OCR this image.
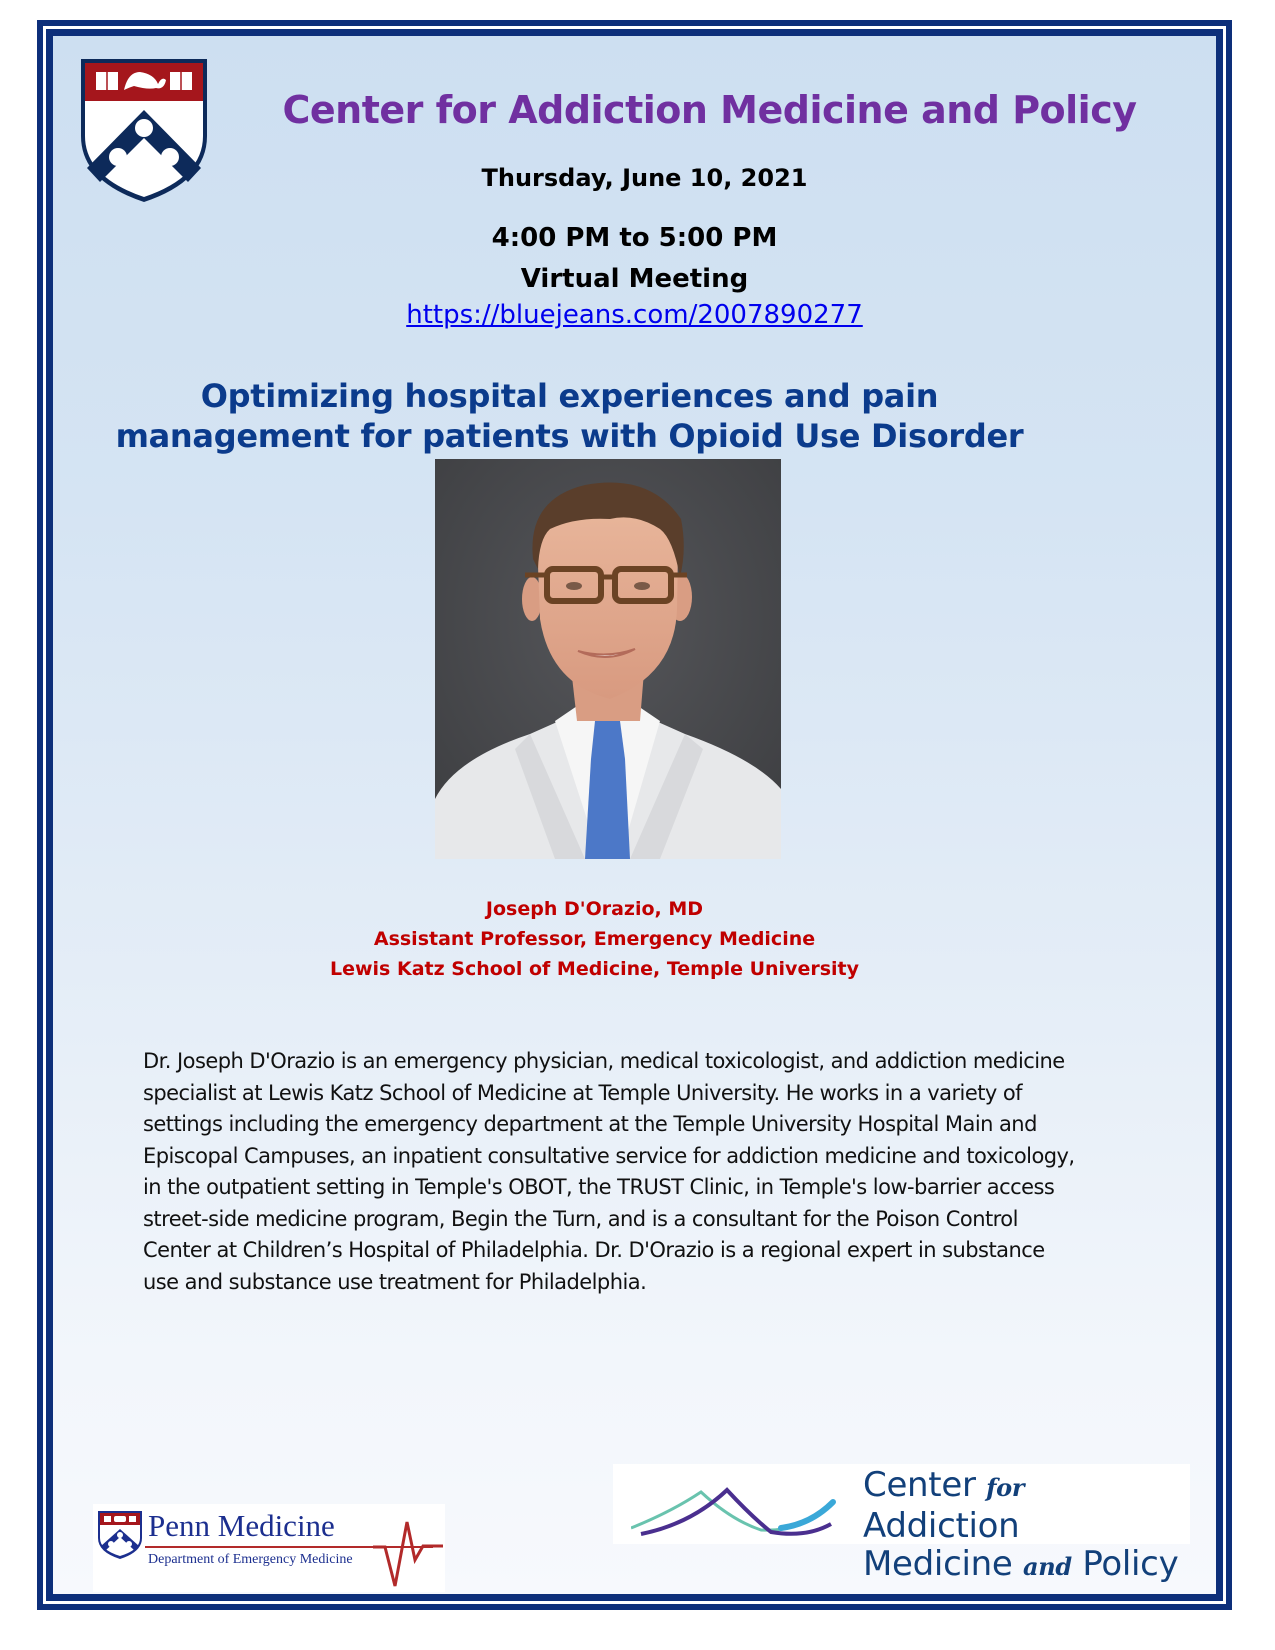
Center for Addiction Medicine and Policy
Thursday, June 10, 2021
4:00 PM to 5:00 PM
Virtual Meeting
https://bluejeans.com/2007890277
Optimizing hospital experiences and pain
management for patients with Opioid Use Disorder
Joseph D'Orazio, MD
Assistant Professor, Emergency Medicine
Lewis Katz School of Medicine, Temple University
Dr. Joseph D'Orazio is an emergency physician, medical toxicologist, and addiction medicine
specialist at Lewis Katz School of Medicine at Temple University. He works in a variety of
settings including the emergency department at the Temple University Hospital Main and
Episcopal Campuses, an inpatient consultative service for addiction medicine and toxicology,
in the outpatient setting in Temple's OBOT, the TRUST Clinic, in Temple's low-barrier access
street-side medicine program, Begin the Turn, and is a consultant for the Poison Control
Center at Children’s Hospital of Philadelphia. Dr. D'Orazio is a regional expert in substance
use and substance use treatment for Philadelphia.
Penn Medicine
Department of Emergency Medicine
Center for Addiction
Medicine and Policy
